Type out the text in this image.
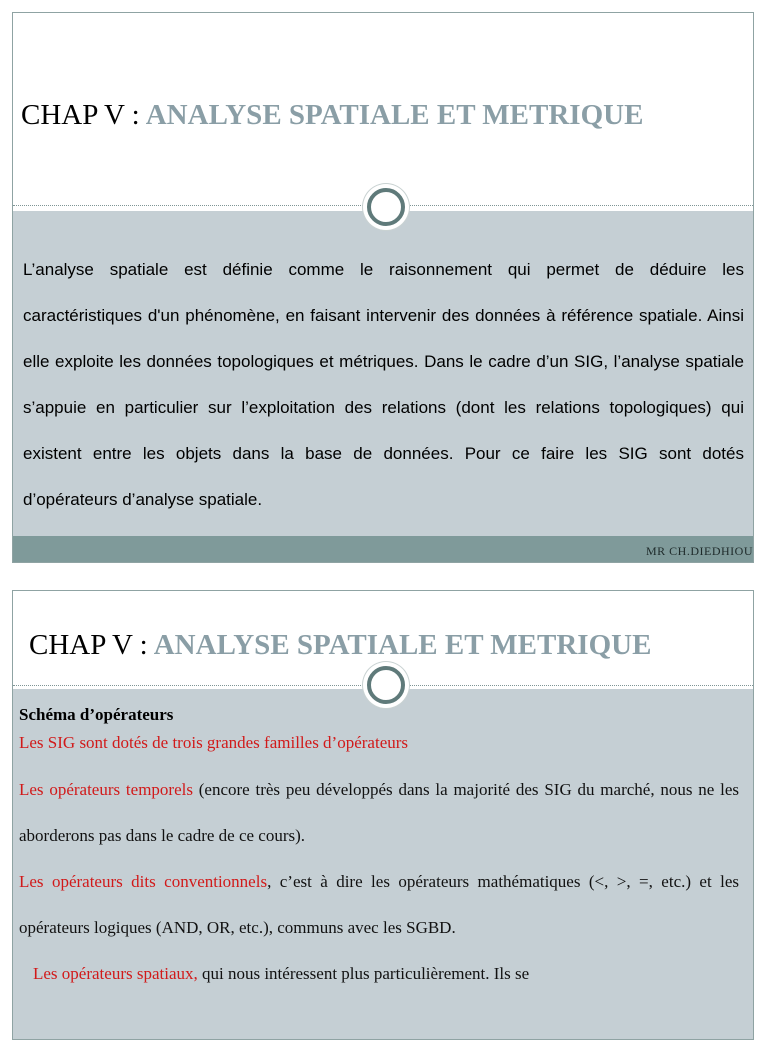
CHAP V : ANALYSE SPATIALE ET METRIQUE

L’analyse spatiale est définie comme le raisonnement qui permet de déduire les caractéristiques d'un phénomène, en faisant intervenir des données à référence spatiale. Ainsi elle exploite les données topologiques et métriques. Dans le cadre d’un SIG, l’analyse spatiale s’appuie en particulier sur l’exploitation des relations (dont les relations topologiques) qui existent entre les objets dans la base de données. Pour ce faire les SIG sont dotés d’opérateurs d’analyse spatiale.

MR CH.DIEDHIOU
CHAP V : ANALYSE SPATIALE ET METRIQUE

Schéma d’opérateurs

Les SIG sont dotés de trois grandes familles d’opérateurs

Les opérateurs temporels (encore très peu développés dans la majorité des SIG du marché, nous ne les aborderons pas dans le cadre de ce cours).

Les opérateurs dits conventionnels, c’est à dire les opérateurs mathématiques (<, >, =, etc.) et les opérateurs logiques (AND, OR, etc.), communs avec les SGBD.

Les opérateurs spatiaux, qui nous intéressent plus particulièrement. Ils se
